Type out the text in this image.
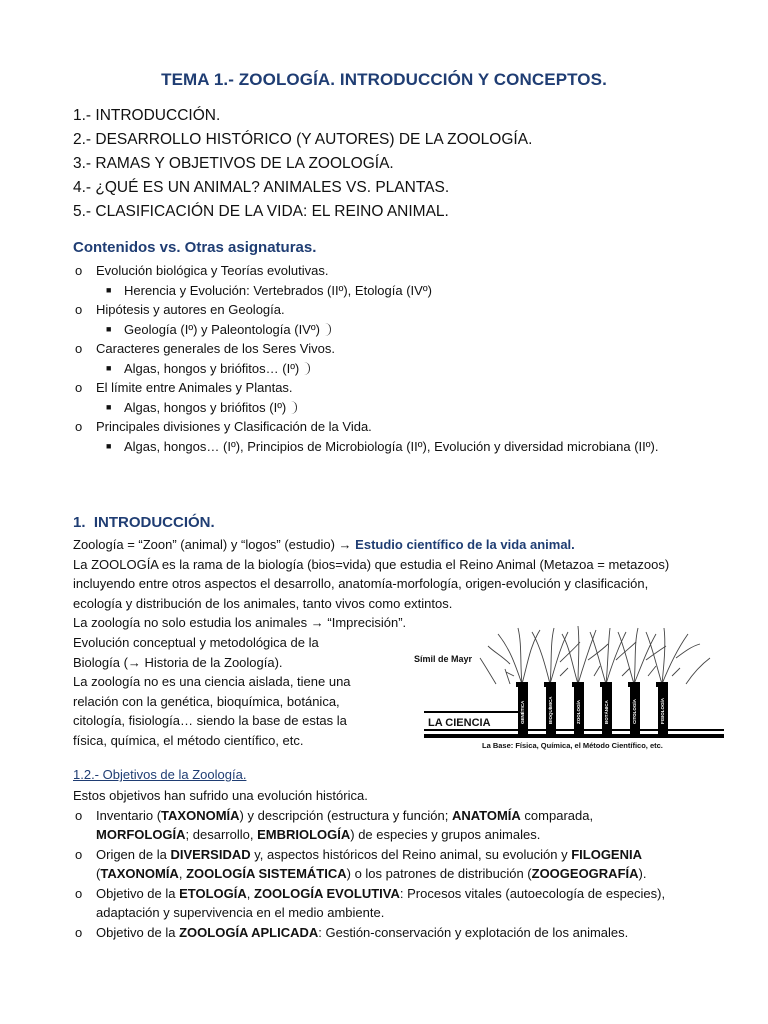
TEMA 1.- ZOOLOGÍA. INTRODUCCIÓN Y CONCEPTOS.
1.- INTRODUCCIÓN.
2.- DESARROLLO HISTÓRICO (Y AUTORES) DE LA ZOOLOGÍA.
3.- RAMAS Y OBJETIVOS DE LA ZOOLOGÍA.
4.- ¿QUÉ ES UN ANIMAL? ANIMALES VS. PLANTAS.
5.- CLASIFICACIÓN DE LA VIDA: EL REINO ANIMAL.
Contenidos vs. Otras asignaturas.
o Evolución biológica y Teorías evolutivas.
■ Herencia y Evolución: Vertebrados (IIº), Etología (IVº)
o Hipótesis y autores en Geología.
■ Geología (Iº) y Paleontología (IVº)
o Caracteres generales de los Seres Vivos.
■ Algas, hongos y briófitos… (Iº)
o El límite entre Animales y Plantas.
■ Algas, hongos y briófitos (Iº)
o Principales divisiones y Clasificación de la Vida.
■ Algas, hongos… (Iº), Principios de Microbiología (IIº), Evolución y diversidad microbiana (IIº).
1. INTRODUCCIÓN.
Zoología = “Zoon” (animal) y “logos” (estudio) → Estudio científico de la vida animal.
La ZOOLOGÍA es la rama de la biología (bios=vida) que estudia el Reino Animal (Metazoa = metazoos) incluyendo entre otros aspectos el desarrollo, anatomía-morfología, origen-evolución y clasificación, ecología y distribución de los animales, tanto vivos como extintos.
La zoología no solo estudia los animales → “Imprecisión”.
Evolución conceptual y metodológica de la
Biología (→ Historia de la Zoología).
La zoología no es una ciencia aislada, tiene una relación con la genética, bioquímica, botánica, citología, fisiología… siendo la base de estas la física, química, el método científico, etc.
GENÉTICA	BIOQUÍMICA	ZOOLOGÍA	BOTÁNICA	CITOLOGÍA	FISIOLOGÍA
Símil de Mayr
LA CIENCIA
La Base: Física, Química, el Método Científico, etc.
1.2.- Objetivos de la Zoología.
Estos objetivos han sufrido una evolución histórica.
o Inventario (TAXONOMÍA) y descripción (estructura y función; ANATOMÍA comparada,
MORFOLOGÍA; desarrollo, EMBRIOLOGÍA) de especies y grupos animales.
o Origen de la DIVERSIDAD y, aspectos históricos del Reino animal, su evolución y FILOGENIA
(TAXONOMÍA, ZOOLOGÍA SISTEMÁTICA) o los patrones de distribución (ZOOGEOGRAFÍA).
o Objetivo de la ETOLOGÍA, ZOOLOGÍA EVOLUTIVA: Procesos vitales (autoecología de especies),
adaptación y supervivencia en el medio ambiente.
o Objetivo de la ZOOLOGÍA APLICADA: Gestión-conservación y explotación de los animales.
